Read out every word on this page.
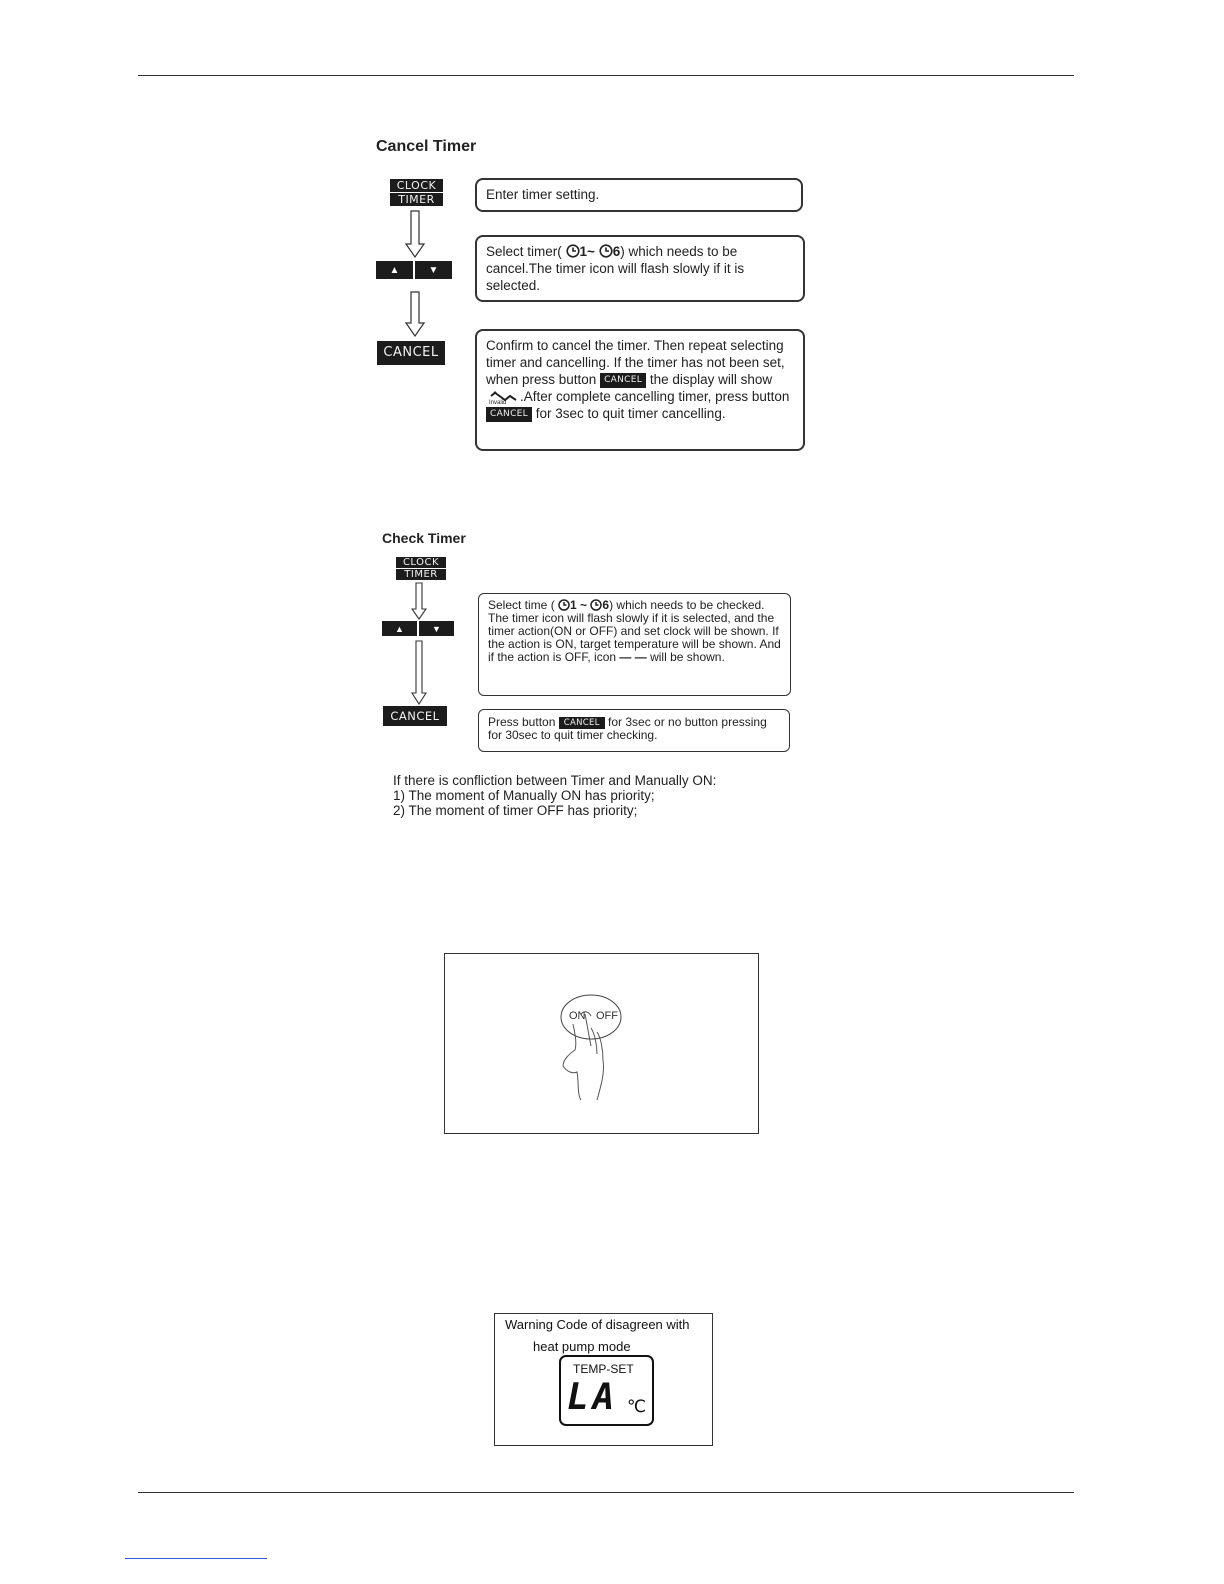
Cancel Timer
CLOCK
TIMER
▲	▼
CANCEL
Enter timer setting.
Select timer( 1~ 6) which needs to be cancel.The timer icon will flash slowly if it is selected.
Confirm to cancel the timer. Then repeat selecting timer and cancelling. If the timer has not been set, when press button CANCEL the display will show
Invalid .After complete cancelling timer, press button CANCEL for 3sec to quit timer cancelling.
Check Timer
CLOCK
TIMER
▲	▼
CANCEL
Select time ( 1 ~ 6) which needs to be checked. The timer icon will flash slowly if it is selected, and the timer action(ON or OFF) and set clock will be shown. If the action is ON, target temperature will be shown. And if the action is OFF, icon — — will be shown.
Press button CANCEL for 3sec or no button pressing for 30sec to quit timer checking.
If there is confliction between Timer and Manually ON:
1) The moment of Manually ON has priority;
2) The moment of timer OFF has priority;
ON OFF
Warning Code of disagreen with
heat pump mode
TEMP-SET
LA ℃
